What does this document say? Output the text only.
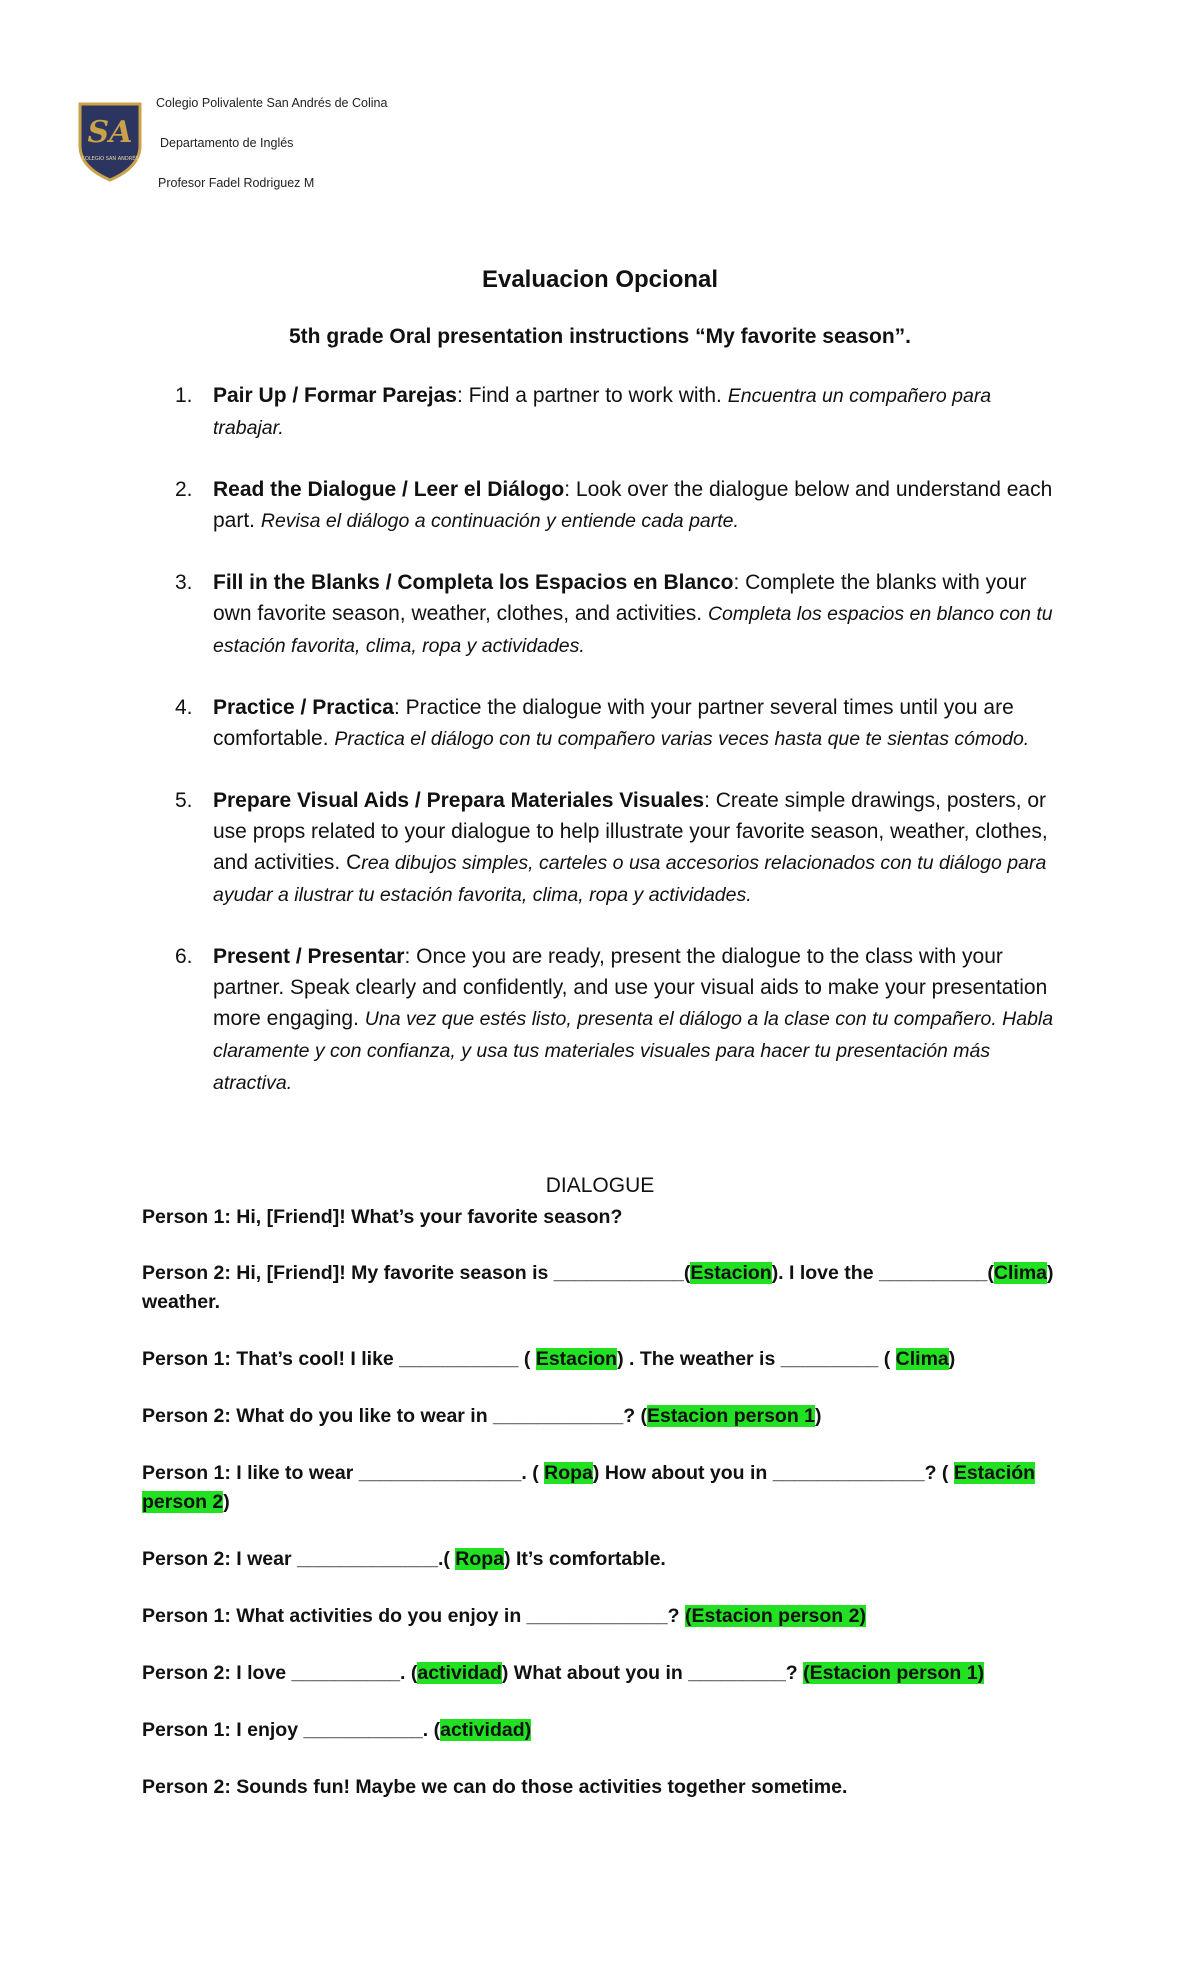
SA
COLEGIO SAN ANDRÉS
Colegio Polivalente San Andrés de Colina
Departamento de Inglés
Profesor Fadel Rodriguez M
Evaluacion Opcional
5th grade Oral presentation instructions “My favorite season”.
1. Pair Up / Formar Parejas: Find a partner to work with. Encuentra un compañero para trabajar.
2. Read the Dialogue / Leer el Diálogo: Look over the dialogue below and understand each part. Revisa el diálogo a continuación y entiende cada parte.
3. Fill in the Blanks / Completa los Espacios en Blanco: Complete the blanks with your own favorite season, weather, clothes, and activities. Completa los espacios en blanco con tu estación favorita, clima, ropa y actividades.
4. Practice / Practica: Practice the dialogue with your partner several times until you are comfortable. Practica el diálogo con tu compañero varias veces hasta que te sientas cómodo.
5. Prepare Visual Aids / Prepara Materiales Visuales: Create simple drawings, posters, or use props related to your dialogue to help illustrate your favorite season, weather, clothes, and activities. Crea dibujos simples, carteles o usa accesorios relacionados con tu diálogo para ayudar a ilustrar tu estación favorita, clima, ropa y actividades.
6. Present / Presentar: Once you are ready, present the dialogue to the class with your partner. Speak clearly and confidently, and use your visual aids to make your presentation more engaging. Una vez que estés listo, presenta el diálogo a la clase con tu compañero. Habla claramente y con confianza, y usa tus materiales visuales para hacer tu presentación más atractiva.
DIALOGUE
Person 1: Hi, [Friend]! What’s your favorite season?
Person 2: Hi, [Friend]! My favorite season is ____________(Estacion). I love the __________(Clima) weather.
Person 1: That’s cool! I like ___________ ( Estacion) . The weather is _________ ( Clima)
Person 2: What do you like to wear in ____________? (Estacion person 1)
Person 1: I like to wear _______________. ( Ropa) How about you in ______________? ( Estación person 2)
Person 2: I wear _____________.( Ropa) It’s comfortable.
Person 1: What activities do you enjoy in _____________? (Estacion person 2)
Person 2: I love __________. (actividad) What about you in _________? (Estacion person 1)
Person 1: I enjoy ___________. (actividad)
Person 2: Sounds fun! Maybe we can do those activities together sometime.
